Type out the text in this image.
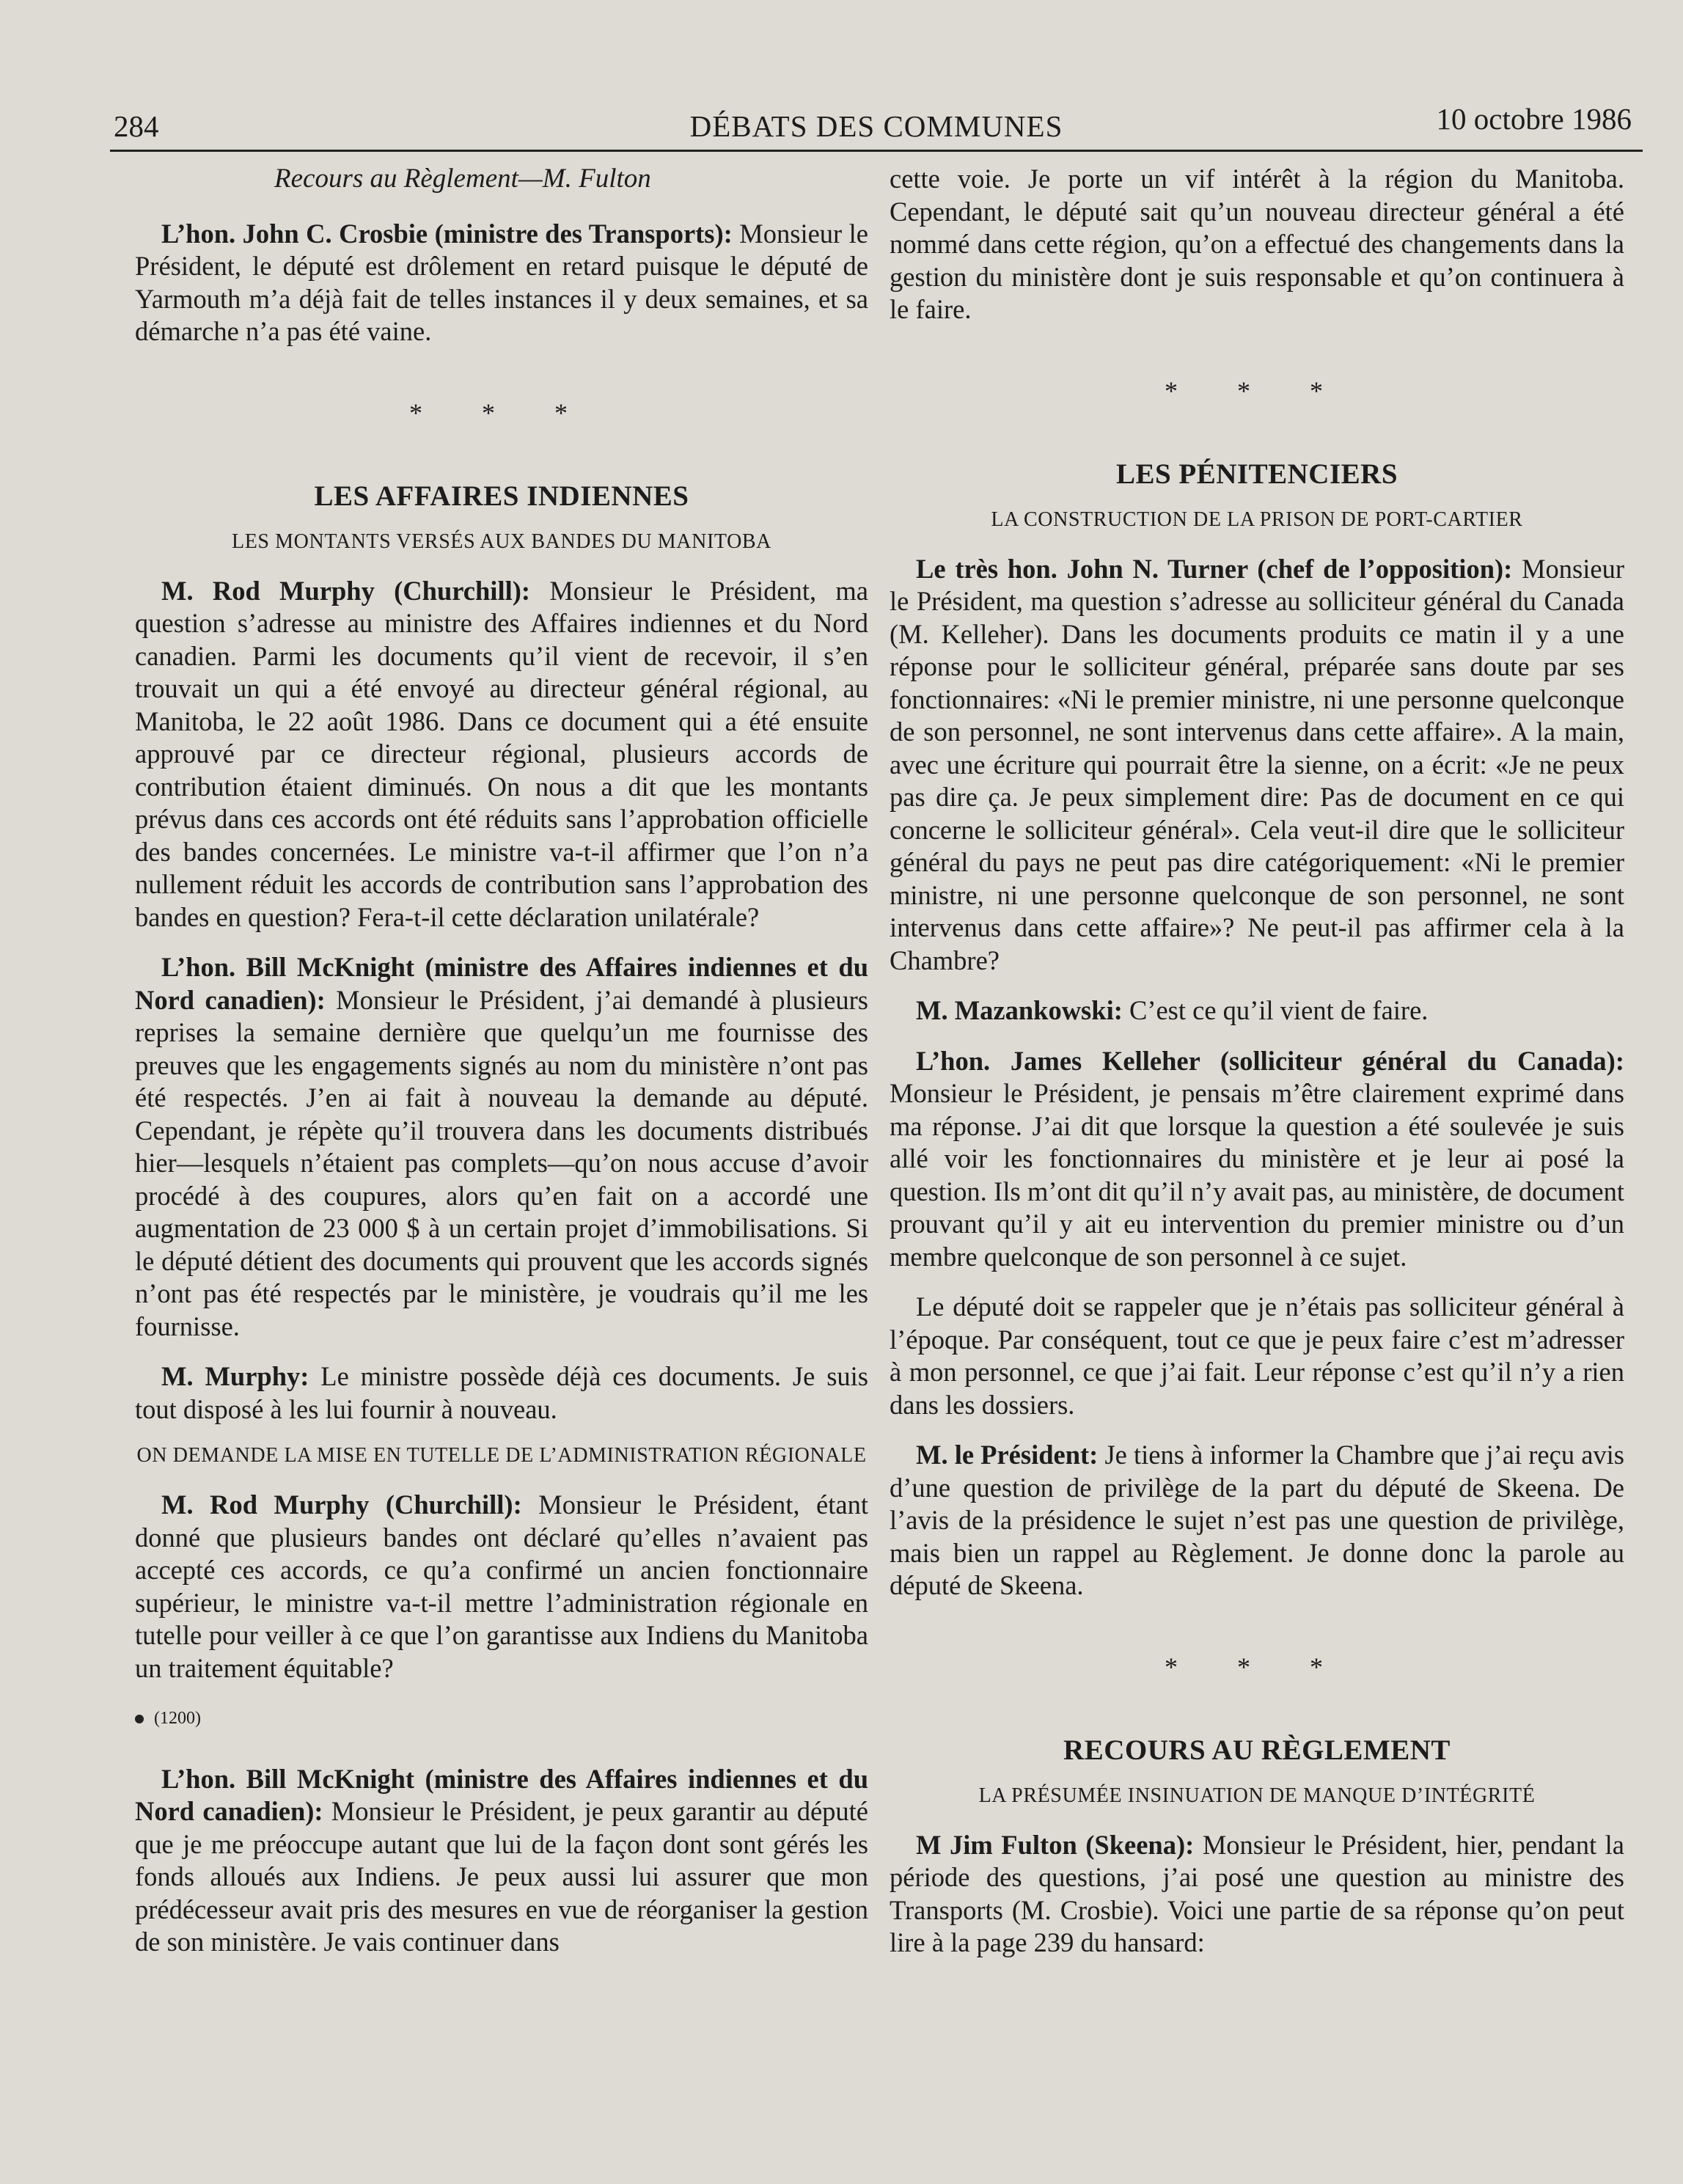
284	DÉBATS DES COMMUNES	10 octobre 1986

Recours au Règlement—M. Fulton

L’hon. John C. Crosbie (ministre des Transports): Monsieur le Président, le député est drôlement en retard puisque le député de Yarmouth m’a déjà fait de telles instances il y deux semaines, et sa démarche n’a pas été vaine.

* * *

LES AFFAIRES INDIENNES

LES MONTANTS VERSÉS AUX BANDES DU MANITOBA

M. Rod Murphy (Churchill): Monsieur le Président, ma question s’adresse au ministre des Affaires indiennes et du Nord canadien. Parmi les documents qu’il vient de recevoir, il s’en trouvait un qui a été envoyé au directeur général régional, au Manitoba, le 22 août 1986. Dans ce document qui a été ensuite approuvé par ce directeur régional, plusieurs accords de contribution étaient diminués. On nous a dit que les montants prévus dans ces accords ont été réduits sans l’approbation officielle des bandes concernées. Le ministre va-t-il affirmer que l’on n’a nullement réduit les accords de contribution sans l’approbation des bandes en question? Fera-t-il cette déclaration unilatérale?

L’hon. Bill McKnight (ministre des Affaires indiennes et du Nord canadien): Monsieur le Président, j’ai demandé à plusieurs reprises la semaine dernière que quelqu’un me fournisse des preuves que les engagements signés au nom du ministère n’ont pas été respectés. J’en ai fait à nouveau la demande au député. Cependant, je répète qu’il trouvera dans les documents distribués hier—lesquels n’étaient pas complets—qu’on nous accuse d’avoir procédé à des coupures, alors qu’en fait on a accordé une augmentation de 23 000 $ à un certain projet d’immobilisations. Si le député détient des documents qui prouvent que les accords signés n’ont pas été respectés par le ministère, je voudrais qu’il me les fournisse.

M. Murphy: Le ministre possède déjà ces documents. Je suis tout disposé à les lui fournir à nouveau.

ON DEMANDE LA MISE EN TUTELLE DE L’ADMINISTRATION RÉGIONALE

M. Rod Murphy (Churchill): Monsieur le Président, étant donné que plusieurs bandes ont déclaré qu’elles n’avaient pas accepté ces accords, ce qu’a confirmé un ancien fonctionnaire supérieur, le ministre va-t-il mettre l’administration régionale en tutelle pour veiller à ce que l’on garantisse aux Indiens du Manitoba un traitement équitable?

(1200)

L’hon. Bill McKnight (ministre des Affaires indiennes et du Nord canadien): Monsieur le Président, je peux garantir au député que je me préoccupe autant que lui de la façon dont sont gérés les fonds alloués aux Indiens. Je peux aussi lui assurer que mon prédécesseur avait pris des mesures en vue de réorganiser la gestion de son ministère. Je vais continuer dans

cette voie. Je porte un vif intérêt à la région du Manitoba. Cependant, le député sait qu’un nouveau directeur général a été nommé dans cette région, qu’on a effectué des changements dans la gestion du ministère dont je suis responsable et qu’on continuera à le faire.

* * *

LES PÉNITENCIERS

LA CONSTRUCTION DE LA PRISON DE PORT-CARTIER

Le très hon. John N. Turner (chef de l’opposition): Monsieur le Président, ma question s’adresse au solliciteur général du Canada (M. Kelleher). Dans les documents produits ce matin il y a une réponse pour le solliciteur général, préparée sans doute par ses fonctionnaires: «Ni le premier ministre, ni une personne quelconque de son personnel, ne sont intervenus dans cette affaire». A la main, avec une écriture qui pourrait être la sienne, on a écrit: «Je ne peux pas dire ça. Je peux simplement dire: Pas de document en ce qui concerne le solliciteur général». Cela veut-il dire que le solliciteur général du pays ne peut pas dire catégoriquement: «Ni le premier ministre, ni une personne quelconque de son personnel, ne sont intervenus dans cette affaire»? Ne peut-il pas affirmer cela à la Chambre?

M. Mazankowski: C’est ce qu’il vient de faire.

L’hon. James Kelleher (solliciteur général du Canada): Monsieur le Président, je pensais m’être clairement exprimé dans ma réponse. J’ai dit que lorsque la question a été soulevée je suis allé voir les fonctionnaires du ministère et je leur ai posé la question. Ils m’ont dit qu’il n’y avait pas, au ministère, de document prouvant qu’il y ait eu intervention du premier ministre ou d’un membre quelconque de son personnel à ce sujet.

Le député doit se rappeler que je n’étais pas solliciteur général à l’époque. Par conséquent, tout ce que je peux faire c’est m’adresser à mon personnel, ce que j’ai fait. Leur réponse c’est qu’il n’y a rien dans les dossiers.

M. le Président: Je tiens à informer la Chambre que j’ai reçu avis d’une question de privilège de la part du député de Skeena. De l’avis de la présidence le sujet n’est pas une question de privilège, mais bien un rappel au Règlement. Je donne donc la parole au député de Skeena.

* * *

RECOURS AU RÈGLEMENT

LA PRÉSUMÉE INSINUATION DE MANQUE D’INTÉGRITÉ

M Jim Fulton (Skeena): Monsieur le Président, hier, pendant la période des questions, j’ai posé une question au ministre des Transports (M. Crosbie). Voici une partie de sa réponse qu’on peut lire à la page 239 du hansard:
